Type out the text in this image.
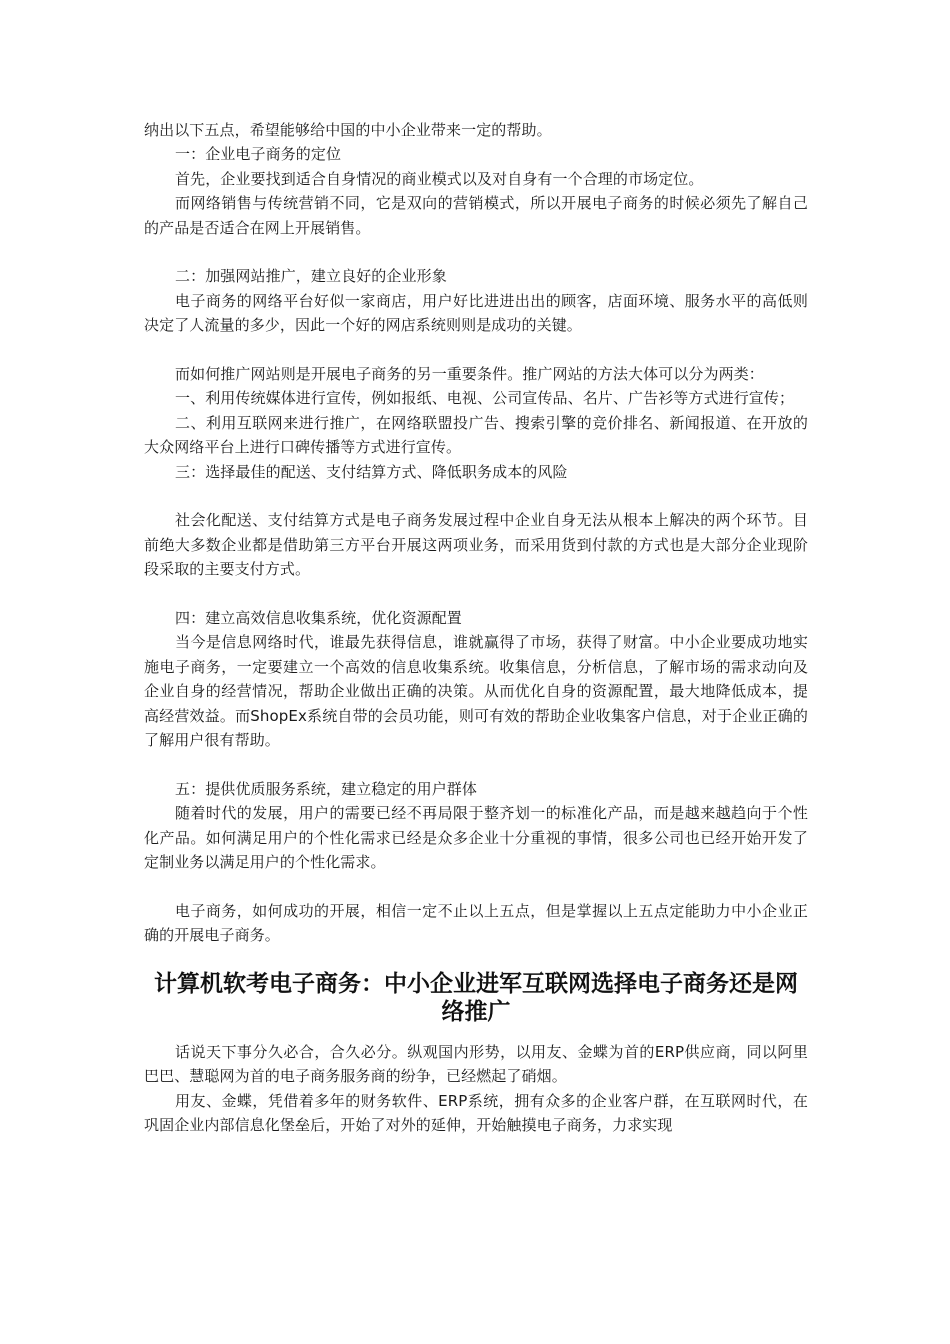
纳出以下五点，希望能够给中国的中小企业带来一定的帮助。

一：企业电子商务的定位

首先，企业要找到适合自身情况的商业模式以及对自身有一个合理的市场定位。

而网络销售与传统营销不同，它是双向的营销模式，所以开展电子商务的时候必须先了解自己的产品是否适合在网上开展销售。

二：加强网站推广，建立良好的企业形象

电子商务的网络平台好似一家商店，用户好比进进出出的顾客，店面环境、服务水平的高低则决定了人流量的多少，因此一个好的网店系统则则是成功的关键。

而如何推广网站则是开展电子商务的另一重要条件。推广网站的方法大体可以分为两类：

一、利用传统媒体进行宣传，例如报纸、电视、公司宣传品、名片、广告衫等方式进行宣传；

二、利用互联网来进行推广，在网络联盟投广告、搜索引擎的竞价排名、新闻报道、在开放的大众网络平台上进行口碑传播等方式进行宣传。

三：选择最佳的配送、支付结算方式、降低职务成本的风险

社会化配送、支付结算方式是电子商务发展过程中企业自身无法从根本上解决的两个环节。目前绝大多数企业都是借助第三方平台开展这两项业务，而采用货到付款的方式也是大部分企业现阶段采取的主要支付方式。

四：建立高效信息收集系统，优化资源配置

当今是信息网络时代，谁最先获得信息，谁就赢得了市场，获得了财富。中小企业要成功地实施电子商务，一定要建立一个高效的信息收集系统。收集信息，分析信息，了解市场的需求动向及企业自身的经营情况，帮助企业做出正确的决策。从而优化自身的资源配置，最大地降低成本，提高经营效益。而ShopEx系统自带的会员功能，则可有效的帮助企业收集客户信息，对于企业正确的了解用户很有帮助。

五：提供优质服务系统，建立稳定的用户群体

随着时代的发展，用户的需要已经不再局限于整齐划一的标准化产品，而是越来越趋向于个性化产品。如何满足用户的个性化需求已经是众多企业十分重视的事情，很多公司也已经开始开发了定制业务以满足用户的个性化需求。

电子商务，如何成功的开展，相信一定不止以上五点，但是掌握以上五点定能助力中小企业正确的开展电子商务。

计算机软考电子商务：中小企业进军互联网选择电子商务还是网络推广

话说天下事分久必合，合久必分。纵观国内形势，以用友、金蝶为首的ERP供应商，同以阿里巴巴、慧聪网为首的电子商务服务商的纷争，已经燃起了硝烟。

用友、金蝶，凭借着多年的财务软件、ERP系统，拥有众多的企业客户群，在互联网时代，在巩固企业内部信息化堡垒后，开始了对外的延伸，开始触摸电子商务，力求实现
